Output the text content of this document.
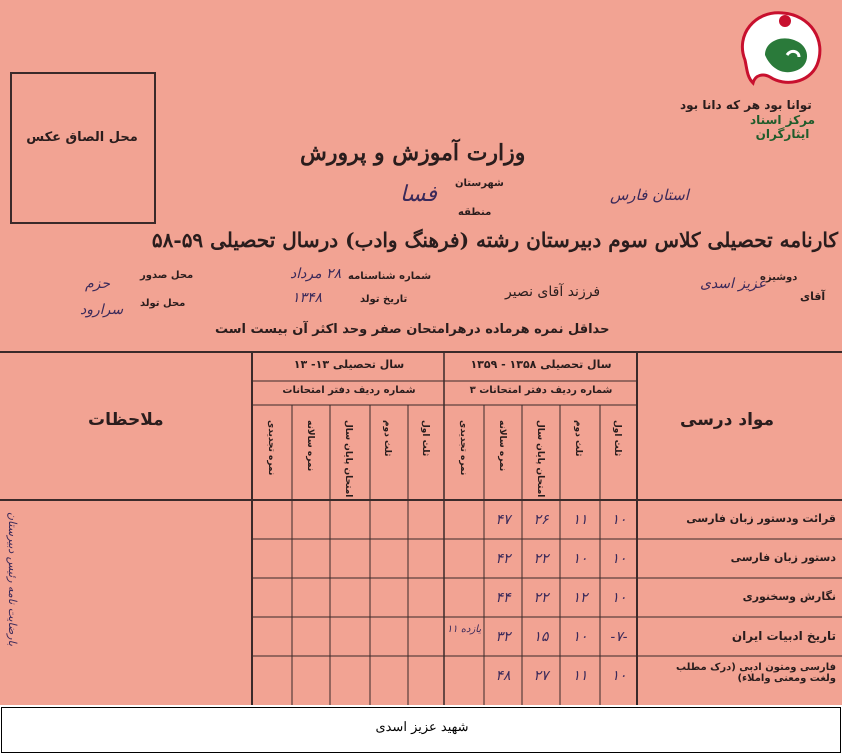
محل الصاق عکس
توانا بود هر که دانا بود
مرکز اسناد ایثارگران
وزارت آموزش و پرورش
شهرستان
فسا
منطقه
استان فارس
کارنامه تحصیلی کلاس سوم دبیرستان رشته (فرهنگ وادب) درسال تحصیلی ۵۹-۵۸
دوشیزه
آقای
عزیز اسدی
فرزند آقای نصیر
شماره شناسنامه
۲۸ مرداد
تاریخ تولد
۱۳۴۸
محل صدور
حزم
محل تولد
سرارود
حداقل نمره هرماده درهرامتحان صفر وحد اکثر آن بیست است
مواد درسی
ملاحظات
سال تحصیلی ۱۳۵۸ - ۱۳۵۹
شماره ردیف دفتر امتحانات ۳
سال تحصیلی ۱۳- ۱۳
شماره ردیف دفتر امتحانات
ثلث اول
ثلث دوم
امتحان پایان سال
نمره سالانه
نمره تجدیدی
ثلث اول
ثلث دوم
امتحان پایان سال
نمره سالانه
نمره تجدیدی
قرائت ودستور زبان فارسی
دستور زبان فارسی
نگارش وسخنوری
تاریخ ادبیات ایران
فارسی ومتون ادبی (درک مطلب ولغت ومعنی واملاء)
۱۰
۱۱
۲۶
۴۷
۱۰
۱۰
۲۲
۴۲
۱۰
۱۲
۲۲
۴۴
-۷-
۱۰
۱۵
۳۲
۱۱ یازده
۱۰
۱۱
۲۷
۴۸
بارضایت نامه رئیس دبیرستان
شهید عزیز اسدی
